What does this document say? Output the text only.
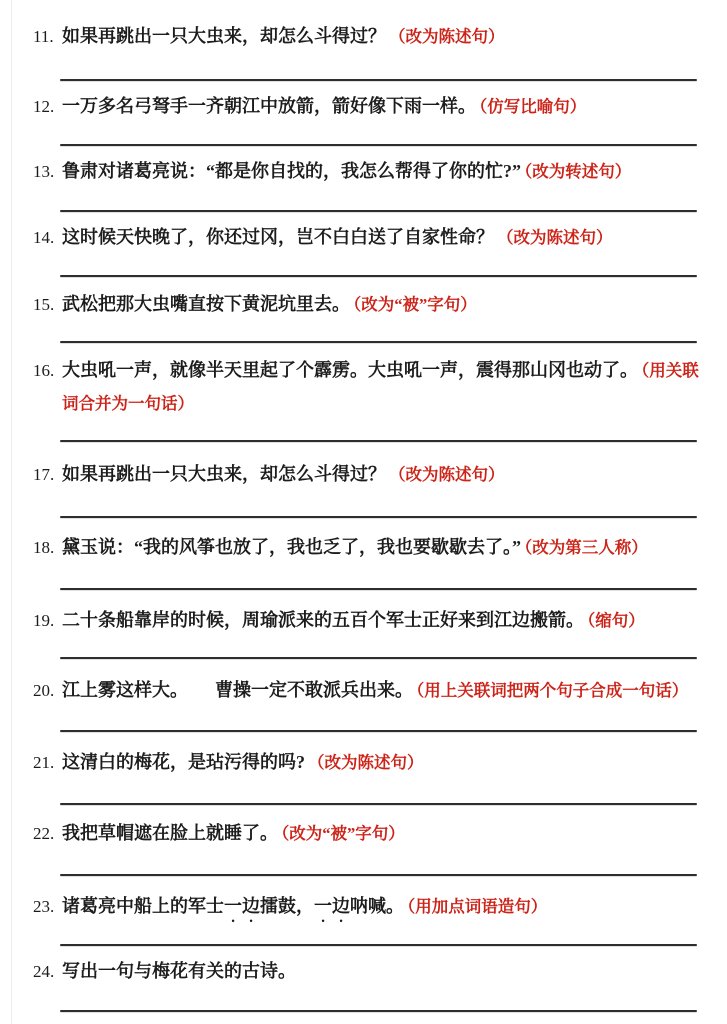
11. 如果再跳出一只大虫来，却怎么斗得过？ （改为陈述句）
12. 一万多名弓弩手一齐朝江中放箭，箭好像下雨一样。 （仿写比喻句）
13. 鲁肃对诸葛亮说：“都是你自找的，我怎么帮得了你的忙?” （改为转述句）
14. 这时候天快晚了，你还过冈，岂不白白送了自家性命？ （改为陈述句）
15. 武松把那大虫嘴直按下黄泥坑里去。 （改为“被”字句）
16. 大虫吼一声，就像半天里起了个霹雳。大虫吼一声，震得那山冈也动了。 （用关联词合并为一句话）
17. 如果再跳出一只大虫来，却怎么斗得过？ （改为陈述句）
18. 黛玉说：“我的风筝也放了，我也乏了，我也要歇歇去了。” （改为第三人称）
19. 二十条船靠岸的时候，周瑜派来的五百个军士正好来到江边搬箭。 （缩句）
20. 江上雾这样大。　　曹操一定不敢派兵出来。 （用上关联词把两个句子合成一句话）
21. 这清白的梅花，是玷污得的吗? （改为陈述句）
22. 我把草帽遮在脸上就睡了。 （改为“被”字句）
23. 诸葛亮中船上的军士一边擂鼓，一边呐喊。 （用加点词语造句）
24. 写出一句与梅花有关的古诗。
